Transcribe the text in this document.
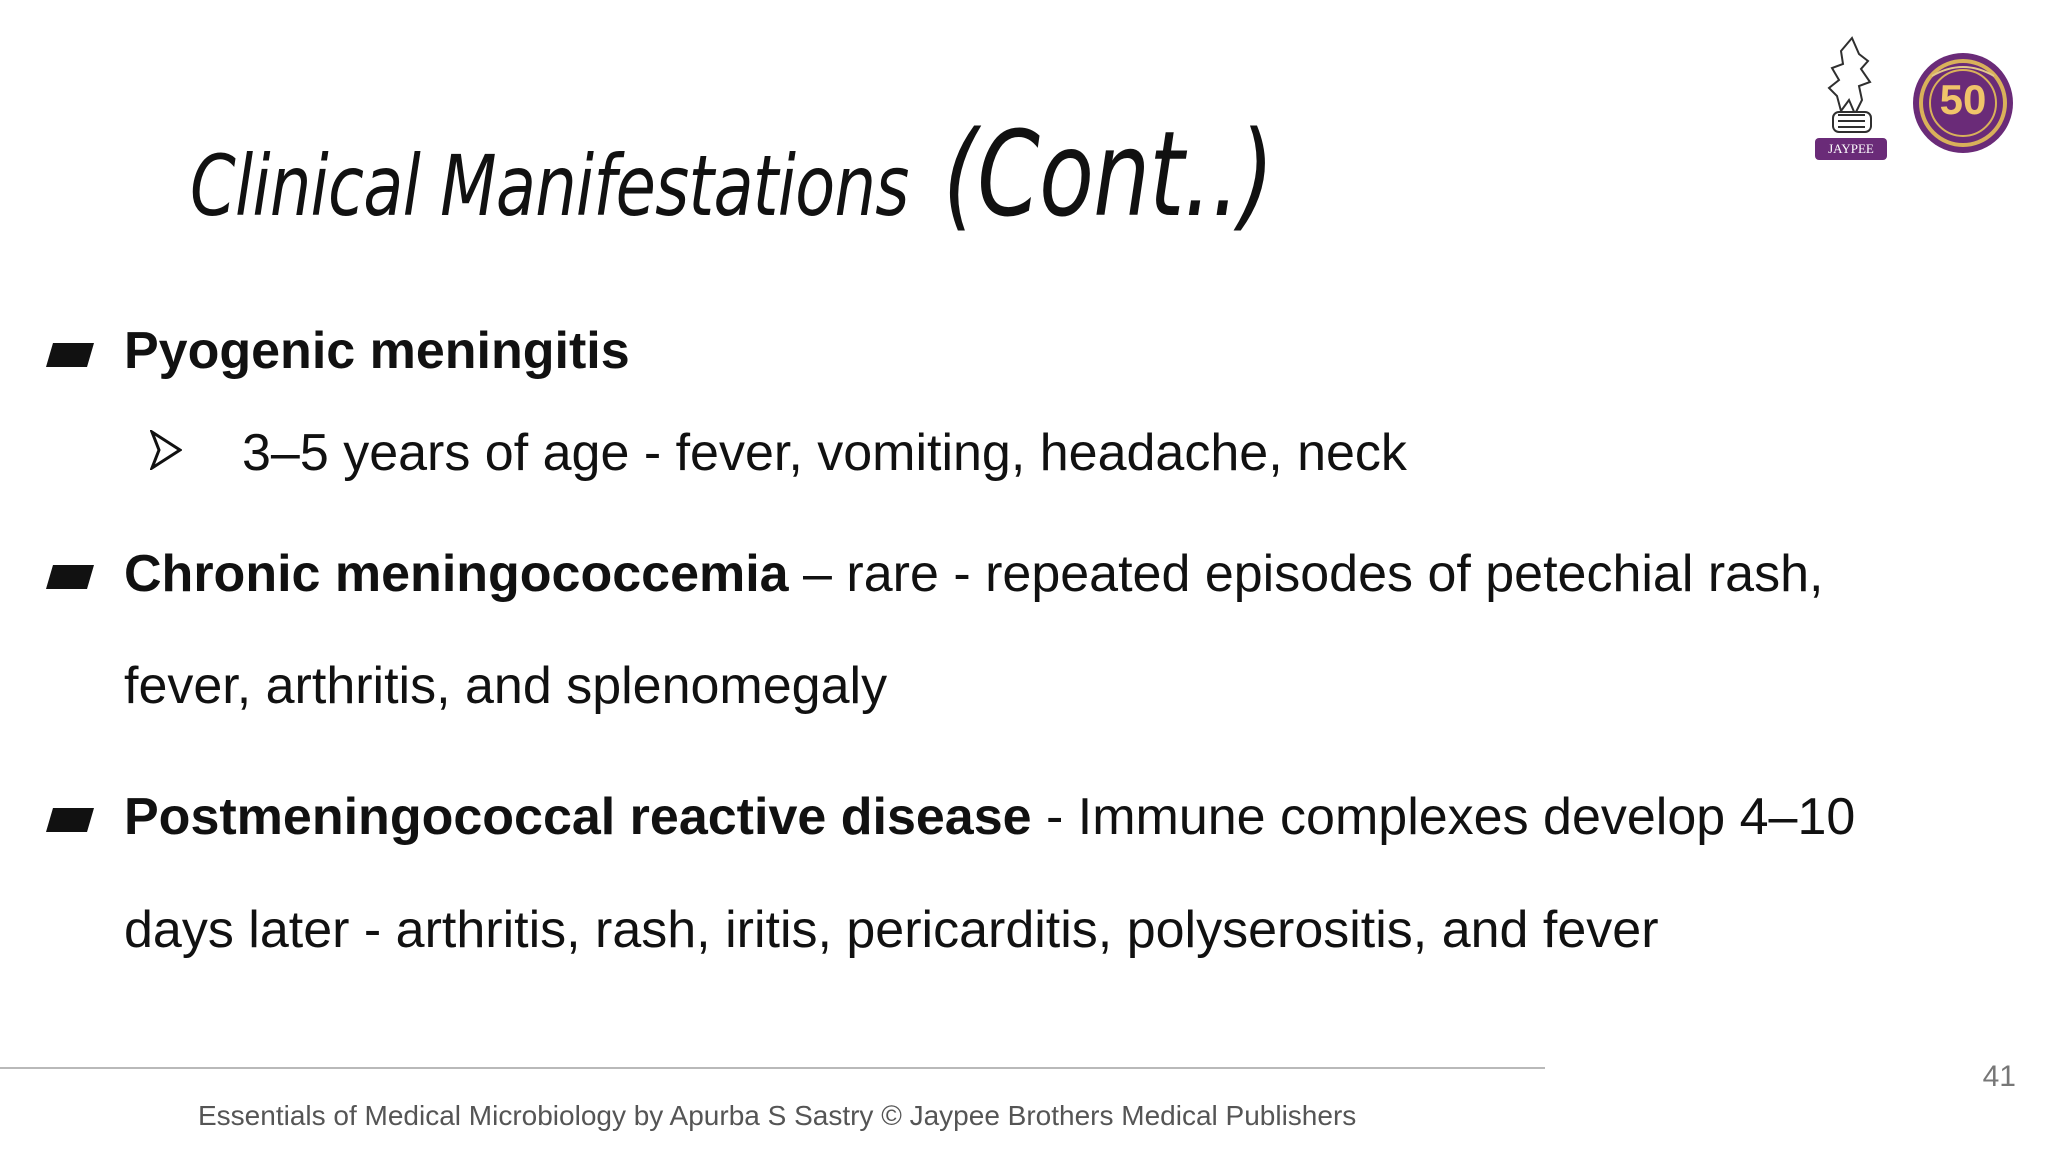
Clinical Manifestations (Cont..)	JAYPEE
50
Pyogenic meningitis
3–5 years of age - fever, vomiting, headache, neck
Chronic meningococcemia – rare - repeated episodes of petechial rash,
fever, arthritis, and splenomegaly
Postmeningococcal reactive disease - Immune complexes develop 4–10
days later - arthritis, rash, iritis, pericarditis, polyserositis, and fever
Essentials of Medical Microbiology by Apurba S Sastry © Jaypee Brothers Medical Publishers
41
